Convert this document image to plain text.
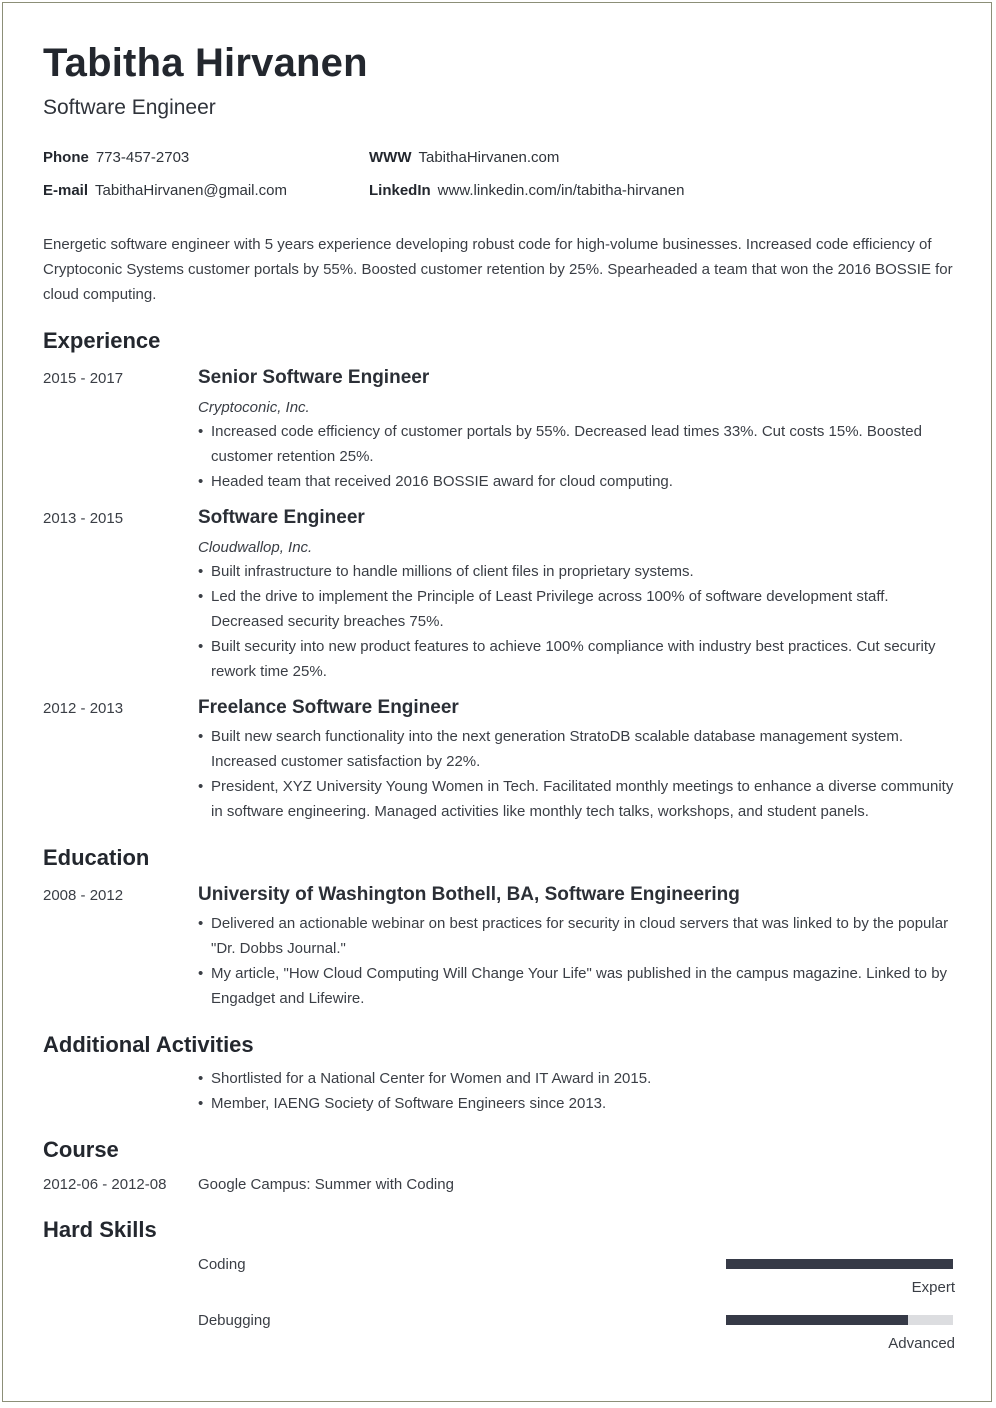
Tabitha Hirvanen
Software Engineer
Phone 773-457-2703	WWW TabithaHirvanen.com
E-mail TabithaHirvanen@gmail.com	LinkedIn www.linkedin.com/in/tabitha-hirvanen
Energetic software engineer with 5 years experience developing robust code for high-volume businesses. Increased code efficiency of Cryptoconic Systems customer portals by 55%. Boosted customer retention by 25%. Spearheaded a team that won the 2016 BOSSIE for cloud computing.
Experience
2015 - 2017	Senior Software Engineer
Cryptoconic, Inc.
• Increased code efficiency of customer portals by 55%. Decreased lead times 33%. Cut costs 15%. Boosted customer retention 25%.
• Headed team that received 2016 BOSSIE award for cloud computing.
2013 - 2015	Software Engineer
Cloudwallop, Inc.
• Built infrastructure to handle millions of client files in proprietary systems.
• Led the drive to implement the Principle of Least Privilege across 100% of software development staff. Decreased security breaches 75%.
• Built security into new product features to achieve 100% compliance with industry best practices. Cut security rework time 25%.
2012 - 2013	Freelance Software Engineer
• Built new search functionality into the next generation StratoDB scalable database management system. Increased customer satisfaction by 22%.
• President, XYZ University Young Women in Tech. Facilitated monthly meetings to enhance a diverse community in software engineering. Managed activities like monthly tech talks, workshops, and student panels.
Education
2008 - 2012	University of Washington Bothell, BA, Software Engineering
• Delivered an actionable webinar on best practices for security in cloud servers that was linked to by the popular "Dr. Dobbs Journal."
• My article, "How Cloud Computing Will Change Your Life" was published in the campus magazine. Linked to by Engadget and Lifewire.
Additional Activities
• Shortlisted for a National Center for Women and IT Award in 2015.
• Member, IAENG Society of Software Engineers since 2013.
Course
2012-06 - 2012-08 Google Campus: Summer with Coding
Hard Skills
Coding
Expert
Debugging
Advanced
